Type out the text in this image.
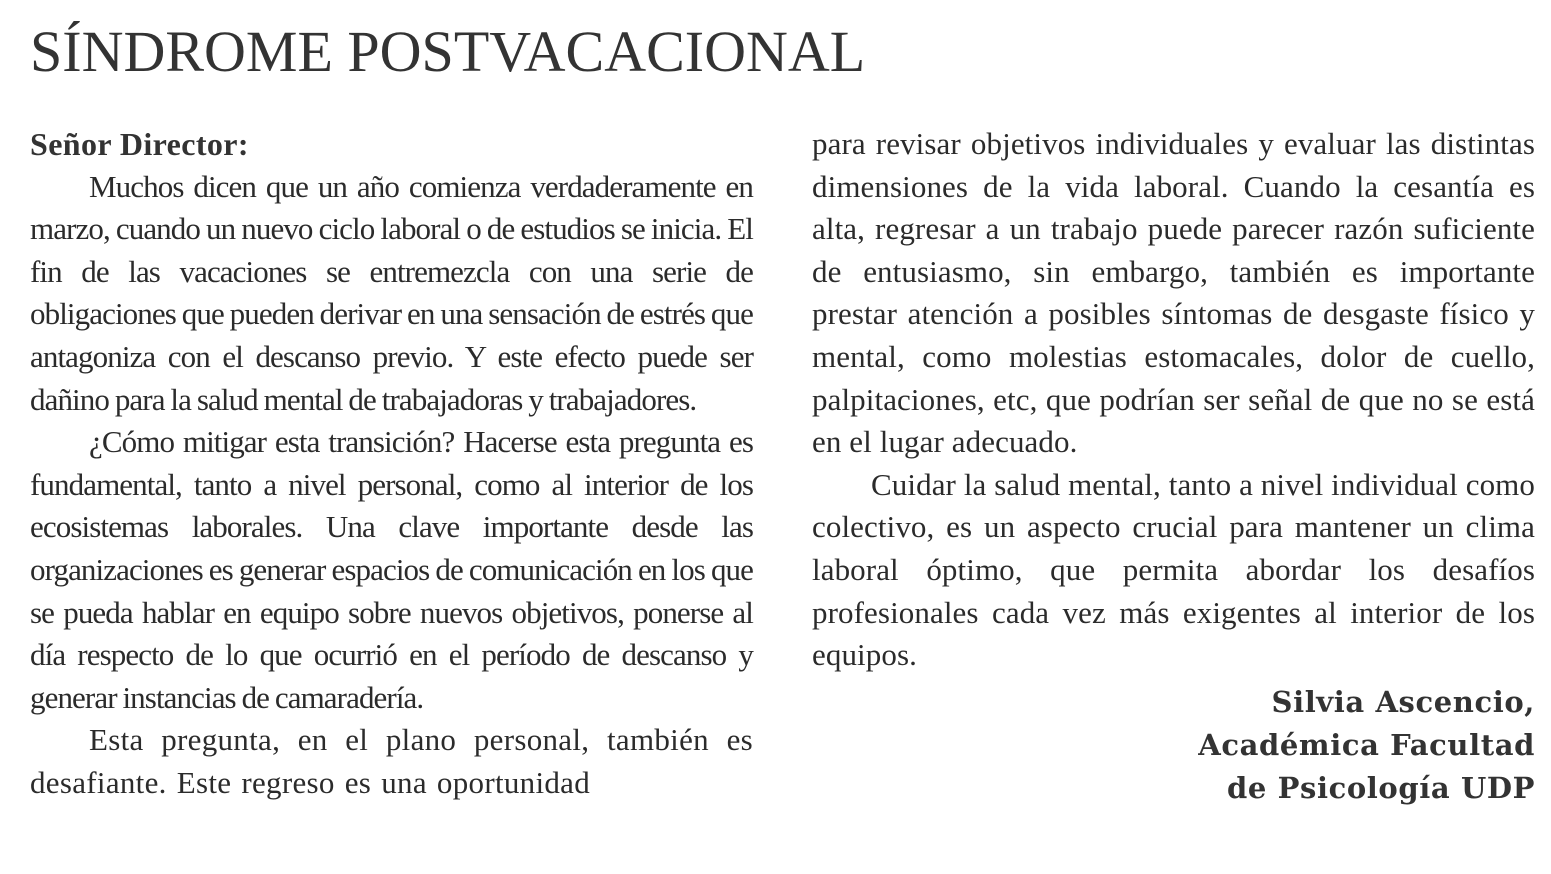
SÍNDROME POSTVACACIONAL

Señor Director:

Muchos dicen que un año comienza verdaderamente en marzo, cuando un nuevo ciclo laboral o de estudios se inicia. El fin de las vacaciones se entremezcla con una serie de obligaciones que pueden derivar en una sensación de estrés que antagoniza con el descanso previo. Y este efecto puede ser dañino para la salud mental de trabajadoras y trabajadores.

¿Cómo mitigar esta transición? Hacerse esta pregunta es fundamental, tanto a nivel personal, como al interior de los ecosistemas laborales. Una clave importante desde las organizaciones es generar espacios de comunicación en los que se pueda hablar en equipo sobre nuevos objetivos, ponerse al día respecto de lo que ocurrió en el período de descanso y generar instancias de camaradería.

Esta pregunta, en el plano personal, también es desafiante. Este regreso es una oportunidad

para revisar objetivos individuales y evaluar las distintas dimensiones de la vida laboral. Cuando la cesantía es alta, regresar a un trabajo puede parecer razón suficiente de entusiasmo, sin embargo, también es importante prestar atención a posibles síntomas de desgaste físico y mental, como molestias estomacales, dolor de cuello, palpitaciones, etc, que podrían ser señal de que no se está en el lugar adecuado.

Cuidar la salud mental, tanto a nivel individual como colectivo, es un aspecto crucial para mantener un clima laboral óptimo, que permita abordar los desafíos profesionales cada vez más exigentes al interior de los equipos.

Silvia Ascencio,
Académica Facultad
de Psicología UDP
